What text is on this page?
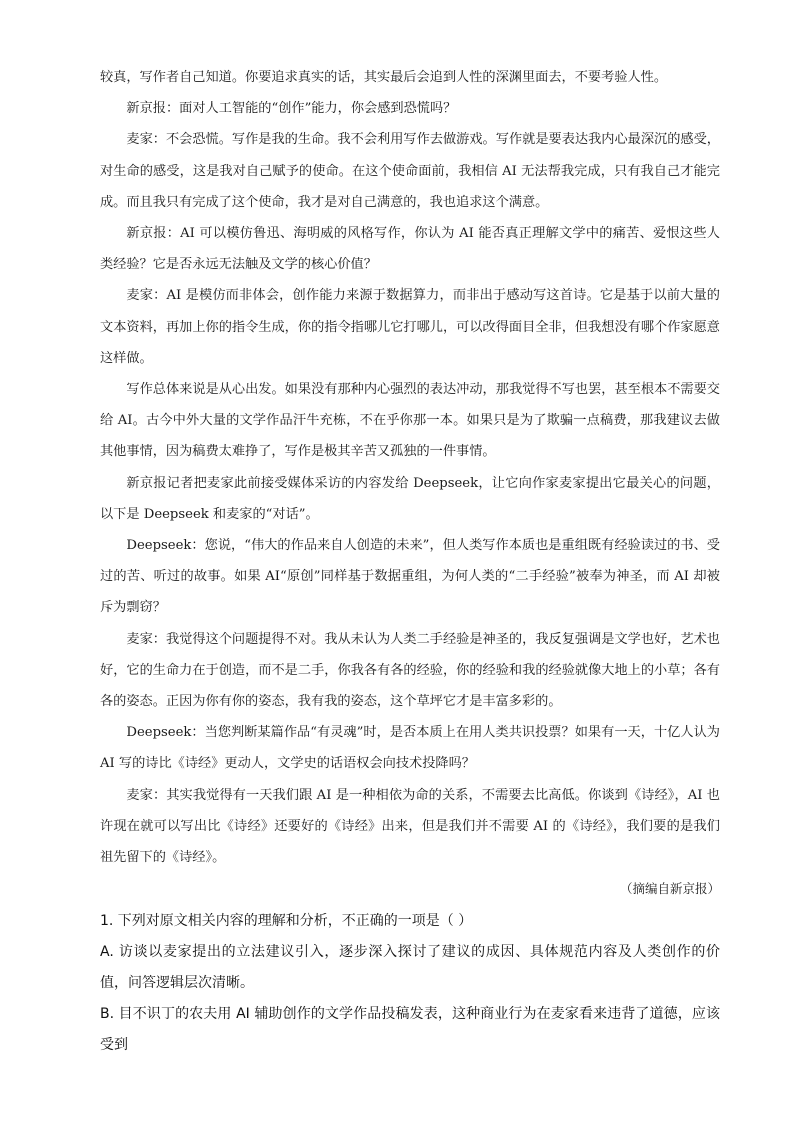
较真，写作者自己知道。你要追求真实的话，其实最后会追到人性的深渊里面去，不要考验人性。

新京报：面对人工智能的“创作”能力，你会感到恐慌吗？

麦家：不会恐慌。写作是我的生命。我不会利用写作去做游戏。写作就是要表达我内心最深沉的感受，对生命的感受，这是我对自己赋予的使命。在这个使命面前，我相信 AI 无法帮我完成，只有我自己才能完成。而且我只有完成了这个使命，我才是对自己满意的，我也追求这个满意。

新京报：AI 可以模仿鲁迅、海明威的风格写作，你认为 AI 能否真正理解文学中的痛苦、爱恨这些人类经验？它是否永远无法触及文学的核心价值？

麦家：AI 是模仿而非体会，创作能力来源于数据算力，而非出于感动写这首诗。它是基于以前大量的文本资料，再加上你的指令生成，你的指令指哪儿它打哪儿，可以改得面目全非，但我想没有哪个作家愿意这样做。

写作总体来说是从心出发。如果没有那种内心强烈的表达冲动，那我觉得不写也罢，甚至根本不需要交给 AI。古今中外大量的文学作品汗牛充栋，不在乎你那一本。如果只是为了欺骗一点稿费，那我建议去做其他事情，因为稿费太难挣了，写作是极其辛苦又孤独的一件事情。

新京报记者把麦家此前接受媒体采访的内容发给 Deepseek，让它向作家麦家提出它最关心的问题，以下是 Deepseek 和麦家的“对话”。

Deepseek：您说，“伟大的作品来自人创造的未来”，但人类写作本质也是重组既有经验读过的书、受过的苦、听过的故事。如果 AI“原创”同样基于数据重组，为何人类的“二手经验”被奉为神圣，而 AI 却被斥为剽窃？

麦家：我觉得这个问题提得不对。我从未认为人类二手经验是神圣的，我反复强调是文学也好，艺术也好，它的生命力在于创造，而不是二手，你我各有各的经验，你的经验和我的经验就像大地上的小草；各有各的姿态。正因为你有你的姿态，我有我的姿态，这个草坪它才是丰富多彩的。

Deepseek：当您判断某篇作品“有灵魂”时，是否本质上在用人类共识投票？如果有一天，十亿人认为 AI 写的诗比《诗经》更动人，文学史的话语权会向技术投降吗？

麦家：其实我觉得有一天我们跟 AI 是一种相依为命的关系，不需要去比高低。你谈到《诗经》，AI 也许现在就可以写出比《诗经》还要好的《诗经》出来，但是我们并不需要 AI 的《诗经》，我们要的是我们祖先留下的《诗经》。

（摘编自新京报）

1. 下列对原文相关内容的理解和分析，不正确的一项是（ ）

A. 访谈以麦家提出的立法建议引入，逐步深入探讨了建议的成因、具体规范内容及人类创作的价值，问答逻辑层次清晰。

B. 目不识丁的农夫用 AI 辅助创作的文学作品投稿发表，这种商业行为在麦家看来违背了道德，应该受到
